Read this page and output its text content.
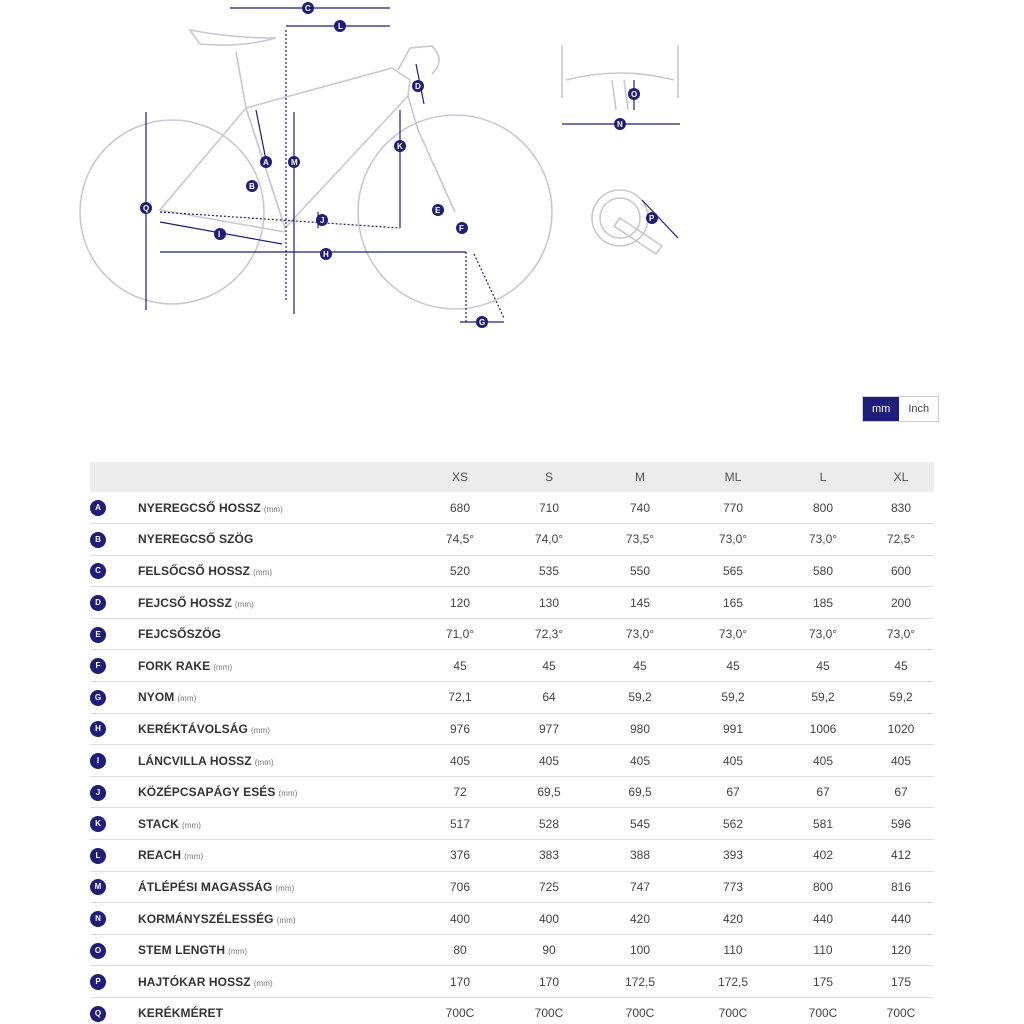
C
L
D
A	M
B
K
Q	E
J
F
I
H
G
O
N
P
mm	Inch
		XS	S	M	ML	L	XL
A	NYEREGCSŐ HOSSZ (mm)	680	710	740	770	800	830
B	NYEREGCSŐ SZÖG	74,5°	74,0°	73,5°	73,0°	73,0°	72,5°
C	FELSŐCSŐ HOSSZ (mm)	520	535	550	565	580	600
D	FEJCSŐ HOSSZ (mm)	120	130	145	165	185	200
E	FEJCSŐSZÖG	71,0°	72,3°	73,0°	73,0°	73,0°	73,0°
F	FORK RAKE (mm)	45	45	45	45	45	45
G	NYOM (mm)	72,1	64	59,2	59,2	59,2	59,2
H	KERÉKTÁVOLSÁG (mm)	976	977	980	991	1006	1020
I	LÁNCVILLA HOSSZ (mm)	405	405	405	405	405	405
J	KÖZÉPCSAPÁGY ESÉS (mm)	72	69,5	69,5	67	67	67
K	STACK (mm)	517	528	545	562	581	596
L	REACH (mm)	376	383	388	393	402	412
M	ÁTLÉPÉSI MAGASSÁG (mm)	706	725	747	773	800	816
N	KORMÁNYSZÉLESSÉG (mm)	400	400	420	420	440	440
O	STEM LENGTH (mm)	80	90	100	110	110	120
P	HAJTÓKAR HOSSZ (mm)	170	170	172,5	172,5	175	175
Q	KERÉKMÉRET	700C	700C	700C	700C	700C	700C
